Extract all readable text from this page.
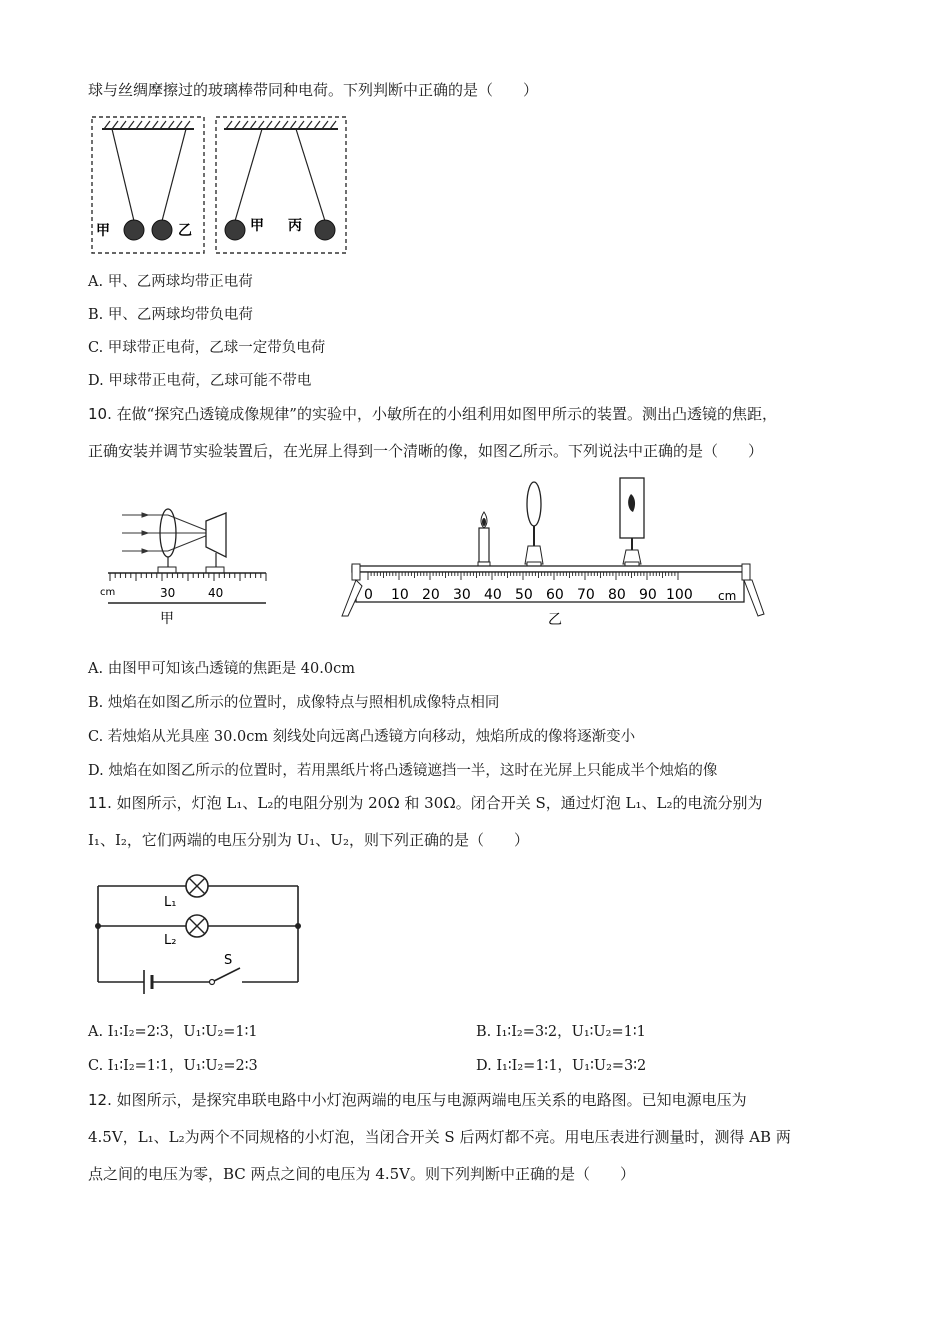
球与丝绸摩擦过的玻璃棒带同种电荷。下列判断中正确的是（　　）
甲	乙	甲 丙
A. 甲、乙两球均带正电荷
B. 甲、乙两球均带负电荷
C. 甲球带正电荷，乙球一定带负电荷
D. 甲球带正电荷，乙球可能不带电
10. 在做“探究凸透镜成像规律”的实验中，小敏所在的小组利用如图甲所示的装置。测出凸透镜的焦距，
正确安装并调节实验装置后，在光屏上得到一个清晰的像，如图乙所示。下列说法中正确的是（　　）
cm	30	40
甲
0 10 20 30 40 50 60 70 80 90 100 cm
乙
A. 由图甲可知该凸透镜的焦距是 40.0cm
B. 烛焰在如图乙所示的位置时，成像特点与照相机成像特点相同
C. 若烛焰从光具座 30.0cm 刻线处向远离凸透镜方向移动，烛焰所成的像将逐渐变小
D. 烛焰在如图乙所示的位置时，若用黑纸片将凸透镜遮挡一半，这时在光屏上只能成半个烛焰的像
11. 如图所示，灯泡 L₁、L₂的电阻分别为 20Ω 和 30Ω。闭合开关 S，通过灯泡 L₁、L₂的电流分别为
I₁、I₂，它们两端的电压分别为 U₁、U₂，则下列正确的是（　　）
L₁
L₂
S
A. I₁∶I₂=2∶3，U₁∶U₂=1∶1	B. I₁∶I₂=3∶2，U₁∶U₂=1∶1
C. I₁∶I₂=1∶1，U₁∶U₂=2∶3	D. I₁∶I₂=1∶1，U₁∶U₂=3∶2
12. 如图所示，是探究串联电路中小灯泡两端的电压与电源两端电压关系的电路图。已知电源电压为
4.5V，L₁、L₂为两个不同规格的小灯泡，当闭合开关 S 后两灯都不亮。用电压表进行测量时，测得 AB 两
点之间的电压为零，BC 两点之间的电压为 4.5V。则下列判断中正确的是（　　）
